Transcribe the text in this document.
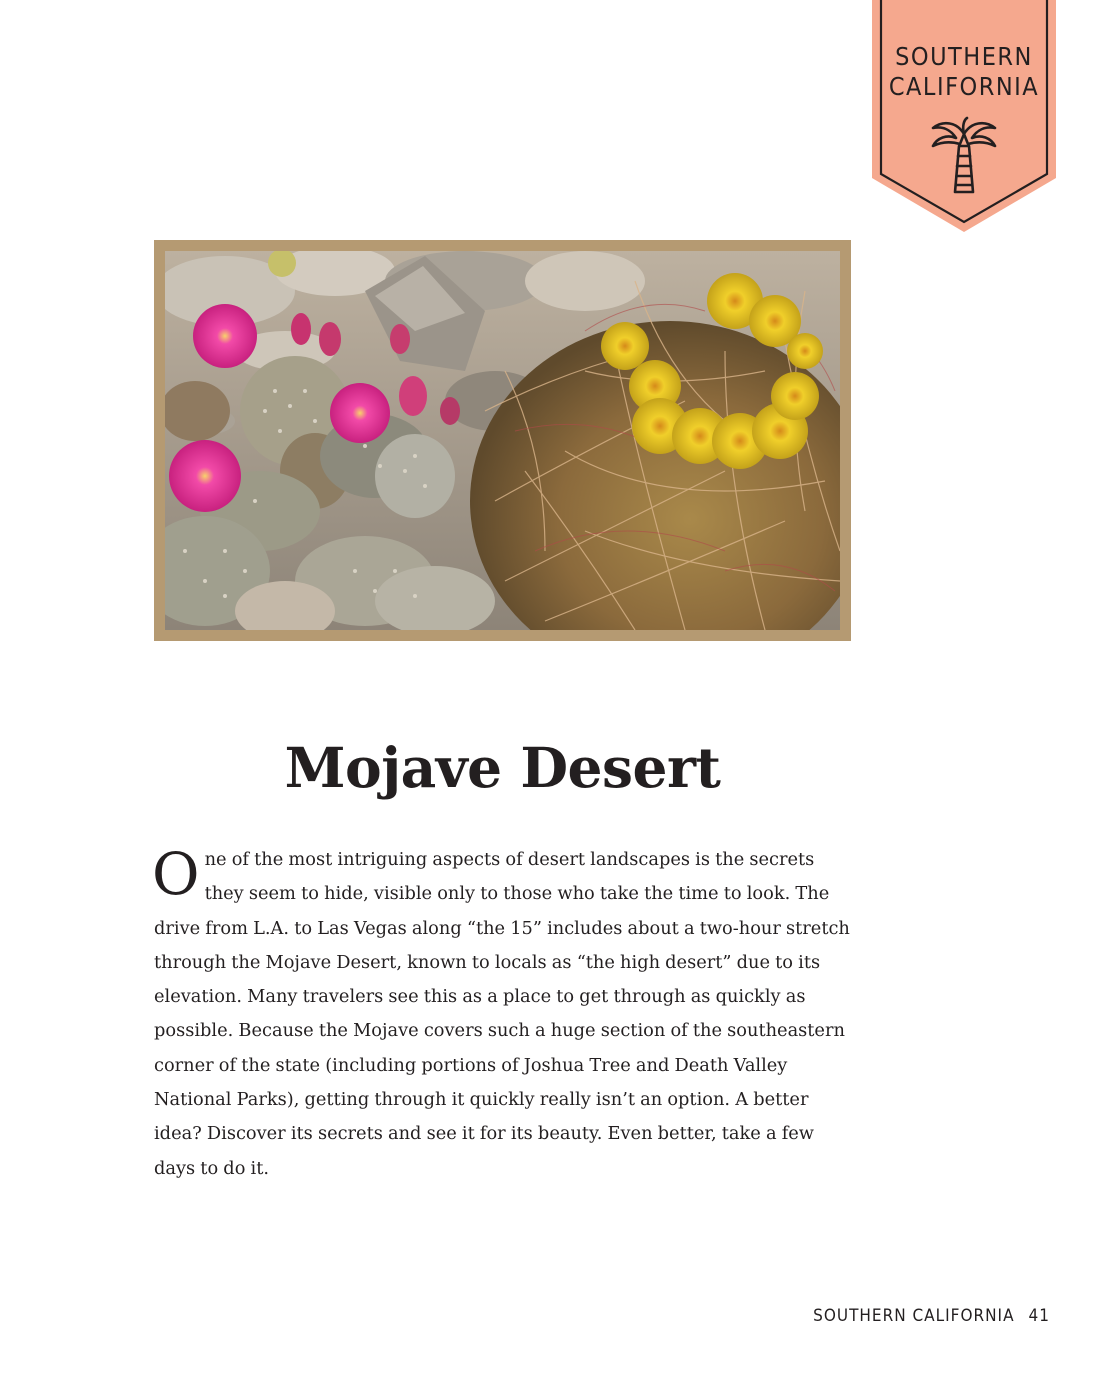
SOUTHERN
CALIFORNIA
Mojave Desert

One of the most intriguing aspects of desert landscapes is the secrets they seem to hide, visible only to those who take the time to look. The drive from L.A. to Las Vegas along “the 15” includes about a two-hour stretch through the Mojave Desert, known to locals as “the high desert” due to its elevation. Many travelers see this as a place to get through as quickly as possible. Because the Mojave covers such a huge section of the southeastern corner of the state (including portions of Joshua Tree and Death Valley National Parks), getting through it quickly really isn’t an option. A better idea? Discover its secrets and see it for its beauty. Even better, take a few days to do it.

SOUTHERN CALIFORNIA 41
